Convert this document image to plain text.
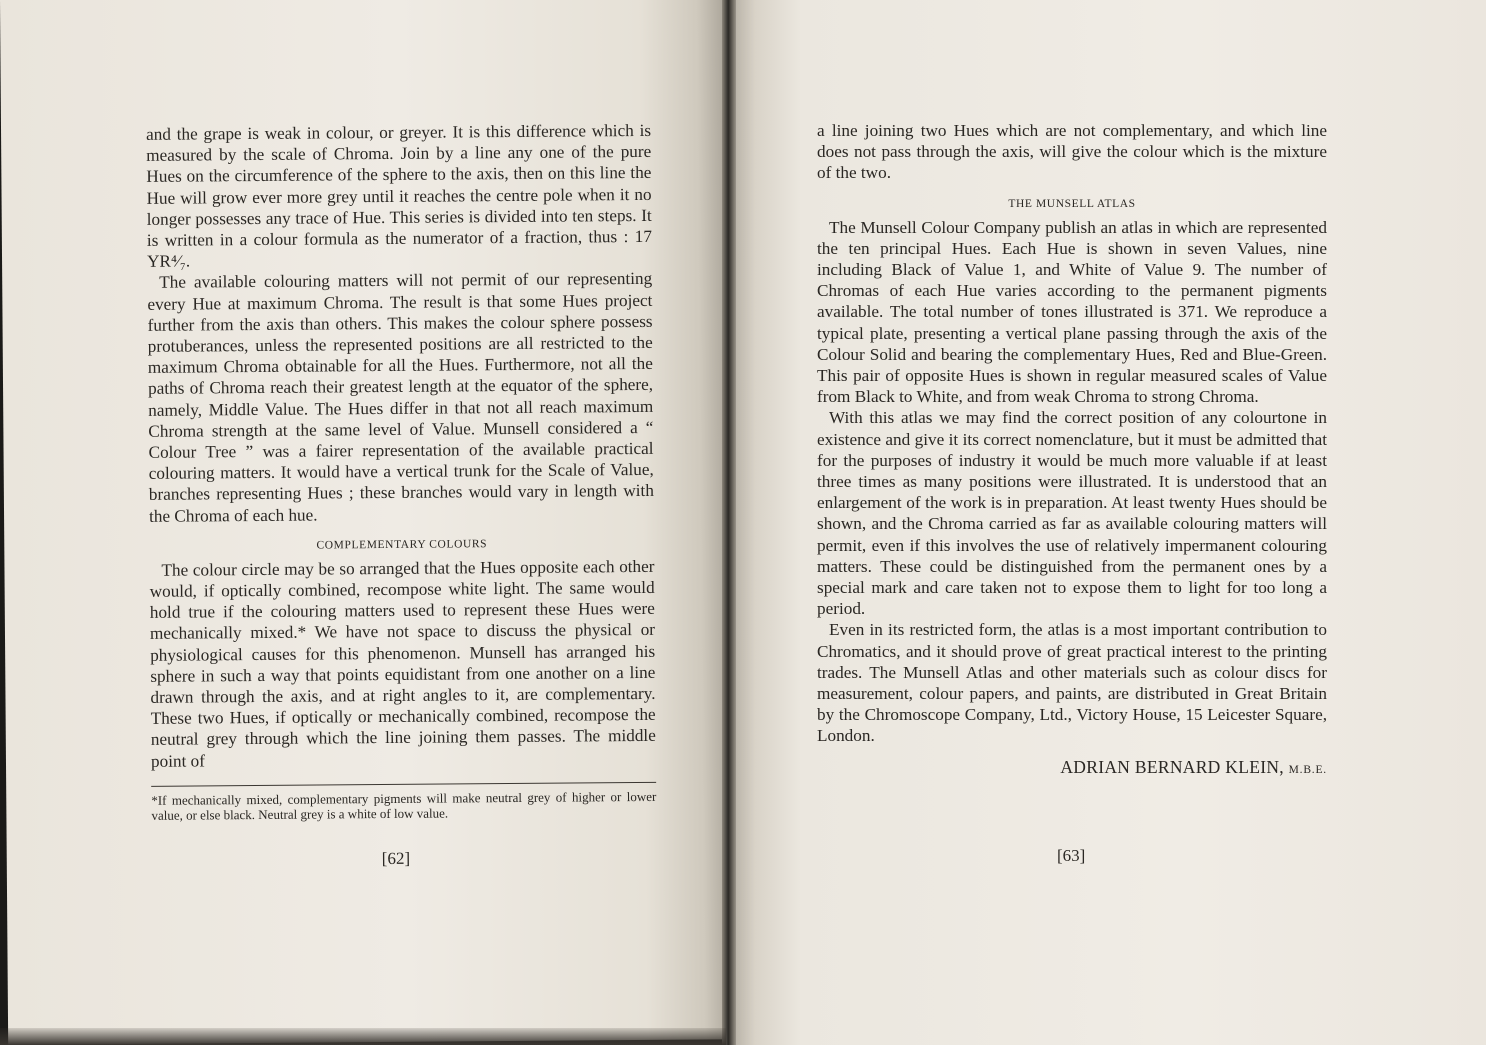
and the grape is weak in colour, or greyer. It is this difference which is measured by the scale of Chroma. Join by a line any one of the pure Hues on the circumference of the sphere to the axis, then on this line the Hue will grow ever more grey until it reaches the centre pole when it no longer possesses any trace of Hue. This series is divided into ten steps. It is written in a colour formula as the numerator of a fraction, thus : 17 YR⁴⁄₇.

The available colouring matters will not permit of our representing every Hue at maximum Chroma. The result is that some Hues project further from the axis than others. This makes the colour sphere possess protuberances, unless the represented positions are all restricted to the maximum Chroma obtainable for all the Hues. Furthermore, not all the paths of Chroma reach their greatest length at the equator of the sphere, namely, Middle Value. The Hues differ in that not all reach maximum Chroma strength at the same level of Value. Munsell considered a “ Colour Tree ” was a fairer representation of the available practical colouring matters. It would have a vertical trunk for the Scale of Value, branches representing Hues ; these branches would vary in length with the Chroma of each hue.

COMPLEMENTARY COLOURS

The colour circle may be so arranged that the Hues opposite each other would, if optically combined, recompose white light. The same would hold true if the colouring matters used to represent these Hues were mechanically mixed.* We have not space to discuss the physical or physiological causes for this phenomenon. Munsell has arranged his sphere in such a way that points equidistant from one another on a line drawn through the axis, and at right angles to it, are complementary. These two Hues, if optically or mechanically combined, recompose the neutral grey through which the line joining them passes. The middle point of

*If mechanically mixed, complementary pigments will make neutral grey of higher or lower value, or else black. Neutral grey is a white of low value.

[62]

a line joining two Hues which are not complementary, and which line does not pass through the axis, will give the colour which is the mixture of the two.

THE MUNSELL ATLAS

The Munsell Colour Company publish an atlas in which are represented the ten principal Hues. Each Hue is shown in seven Values, nine including Black of Value 1, and White of Value 9. The number of Chromas of each Hue varies according to the permanent pigments available. The total number of tones illustrated is 371. We reproduce a typical plate, presenting a vertical plane passing through the axis of the Colour Solid and bearing the complementary Hues, Red and Blue-Green. This pair of opposite Hues is shown in regular measured scales of Value from Black to White, and from weak Chroma to strong Chroma.

With this atlas we may find the correct position of any colourtone in existence and give it its correct nomenclature, but it must be admitted that for the purposes of industry it would be much more valuable if at least three times as many positions were illustrated. It is understood that an enlargement of the work is in preparation. At least twenty Hues should be shown, and the Chroma carried as far as available colouring matters will permit, even if this involves the use of relatively impermanent colouring matters. These could be distinguished from the permanent ones by a special mark and care taken not to expose them to light for too long a period.

Even in its restricted form, the atlas is a most important contribution to Chromatics, and it should prove of great practical interest to the printing trades. The Munsell Atlas and other materials such as colour discs for measurement, colour papers, and paints, are distributed in Great Britain by the Chromoscope Company, Ltd., Victory House, 15 Leicester Square, London.

ADRIAN BERNARD KLEIN, M.B.E.
[63]
